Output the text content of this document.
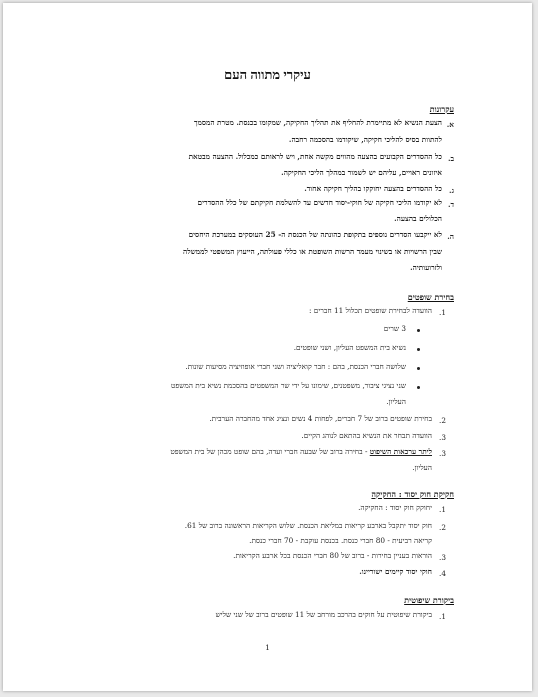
עיקרי מתווה העם
עקרונות
א.
הצעת הנשיא לא מתיימרת להחליף את תהליך החקיקה, שמקומו בכנסת. מטרת המסמך
להתוות בסיס להליכי חקיקה, שיקודמו בהסכמה רחבה.
ב.
כל ההסדרים הקבועים בהצעה מהווים מקשה אחת, ויש לראותם כמכלול. ההצעה מבטאת
איזונים ראויים, עליהם יש לשמור במהלך הליכי החקיקה.
ג.
כל ההסדרים בהצעה יחוקקו בהליך חקיקה אחוד.
ד.
לא יקודמו הליכי חקיקה של חוקי-יסוד חדשים עד להשלמת חקיקתם של כלל ההסדרים
הכלולים בהצעה.
ה.
לא ייקבעו הסדרים נוספים בתקופת כהונתה של הכנסת ה- 25 העוסקים במערכת היחסים
שבין הרשויות או בשינוי מעמד הרשות השופטת או כללי פעולתה, הייעוץ המשפטי לממשלה
ולזרועותיה.
בחירת שופטים
1.
הוועדה לבחירת שופטים תכלול 11 חברים :
3 שרים
נשיא בית המשפט העליון, ושני שופטים.
שלושה חברי הכנסת, בהם : חבר קואליציה ושני חברי אופוזיציה מסיעות שונות.
שני נציגי ציבור, משפטנים, שימונו על ידי שר המשפטים בהסכמת נשיא בית המשפט
העליון.
2.
בחירת שופטים ברוב של 7 חברים, לפחות 4 נשים ונציג אחד מהחברה הערבית.
3.
הוועדה תבחר את הנשיא בהתאם לנוהג הקיים.
3.
ליתר ערכאות השיפוט - בחירה ברוב של שבעה חברי ועדה, בהם שופט מכהן של בית המשפט
העליון.
חקיקת חוק יסוד : החקיקה
1.
יחוקק חוק יסוד : החקיקה.
2.
חוק יסוד יתקבל בארבע קריאות במליאת הכנסת. שלוש הקריאות הראשונה ברוב של 61.
קריאה רביעית - 80 חברי כנסת. בכנסת עוקבת - 70 חברי כנסת.
3.
הוראות בעניין בחירות - ברוב של 80 חברי הכנסת בכל ארבע הקריאות.
4.
חוקי יסוד קיימים ישוריינו.
ביקורת שיפוטית
1.
ביקורת שיפוטית על חוקים בהרכב מורחב של 11 שופטים ברוב של שני שליש
1
